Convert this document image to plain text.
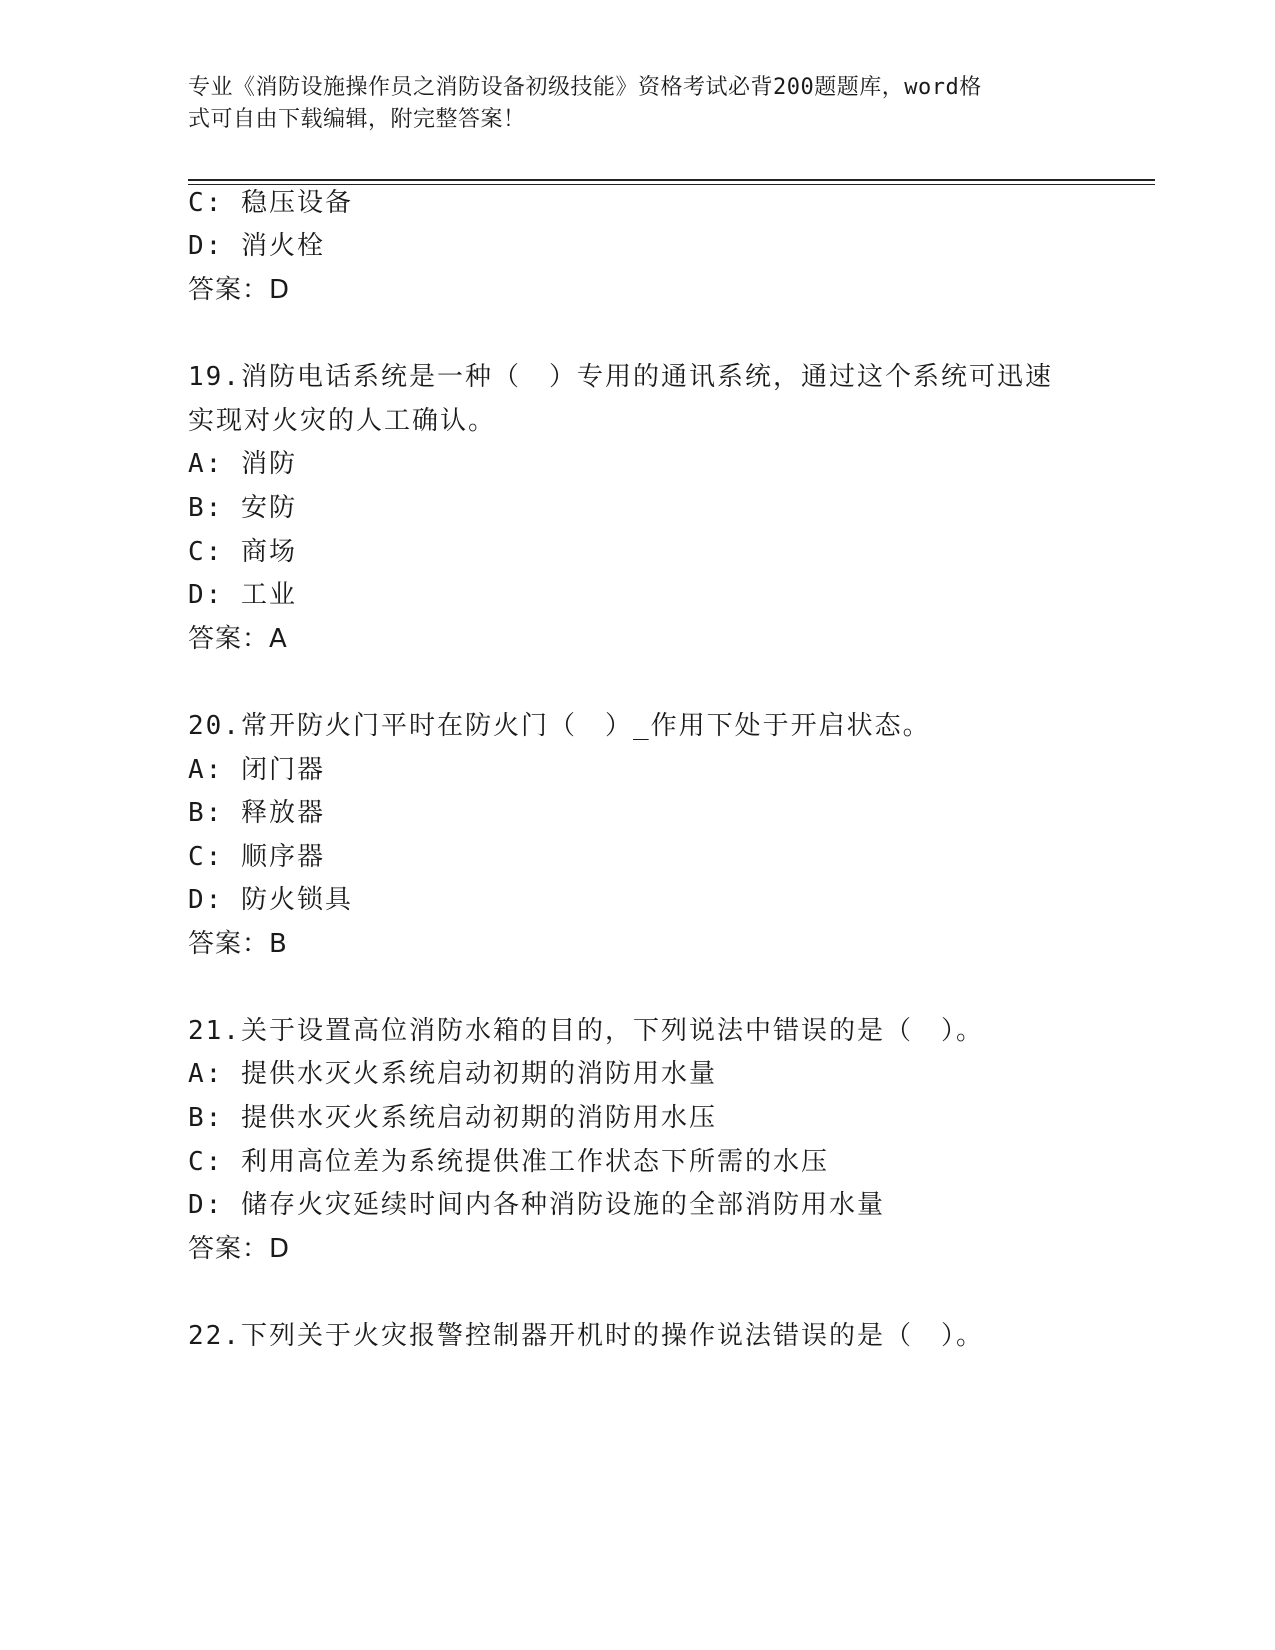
专业《消防设施操作员之消防设备初级技能》资格考试必背200题题库，word格
式可自由下载编辑，附完整答案！
C: 稳压设备
D: 消火栓
答案：D
19.消防电话系统是一种（　）专用的通讯系统，通过这个系统可迅速
实现对火灾的人工确认。
A: 消防
B: 安防
C: 商场
D: 工业
答案：A
20.常开防火门平时在防火门（　）_作用下处于开启状态。
A: 闭门器
B: 释放器
C: 顺序器
D: 防火锁具
答案：B
21.关于设置高位消防水箱的目的，下列说法中错误的是（　）。
A: 提供水灭火系统启动初期的消防用水量
B: 提供水灭火系统启动初期的消防用水压
C: 利用高位差为系统提供准工作状态下所需的水压
D: 储存火灾延续时间内各种消防设施的全部消防用水量
答案：D
22.下列关于火灾报警控制器开机时的操作说法错误的是（　）。
